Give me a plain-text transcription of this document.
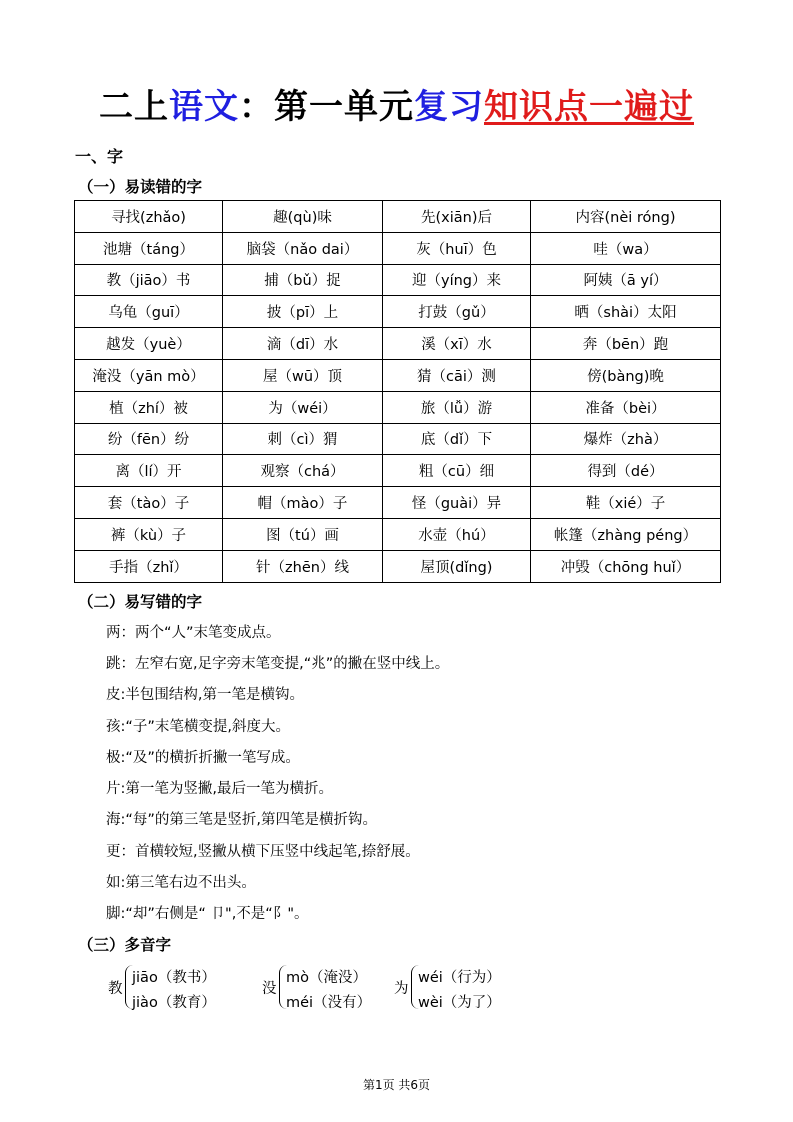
二上语文：第一单元复习知识点一遍过
一、字
（一）易读错的字
寻找(zhǎo)	趣(qù)味	先(xiān)后	内容(nèi róng)
池塘（táng）	脑袋（nǎo dai）	灰（huī）色	哇（wa）
教（jiāo）书	捕（bǔ）捉	迎（yíng）来	阿姨（ā yí）
乌龟（guī）	披（pī）上	打鼓（gǔ）	晒（shài）太阳
越发（yuè）	滴（dī）水	溪（xī）水	奔（bēn）跑
淹没（yān mò）	屋（wū）顶	猜（cāi）测	傍(bàng)晚
植（zhí）被	为（wéi）	旅（lǚ）游	准备（bèi）
纷（fēn）纷	刺（cì）猬	底（dǐ）下	爆炸（zhà）
离（lí）开	观察（chá）	粗（cū）细	得到（dé）
套（tào）子	帽（mào）子	怪（guài）异	鞋（xié）子
裤（kù）子	图（tú）画	水壶（hú）	帐篷（zhàng péng）
手指（zhǐ）	针（zhēn）线	屋顶(dǐng)	冲毁（chōng huǐ）
（二）易写错的字
两：两个“人”末笔变成点。
跳：左窄右宽,足字旁末笔变提,“兆”的撇在竖中线上。
皮:半包围结构,第一笔是横钩。
孩:“子”末笔横变提,斜度大。
极:“及”的横折折撇一笔写成。
片:第一笔为竖撇,最后一笔为横折。
海:“每”的第三笔是竖折,第四笔是横折钩。
更：首横较短,竖撇从横下压竖中线起笔,捺舒展。
如:第三笔右边不出头。
脚:“却”右侧是“ 卩",不是“阝"。
（三）多音字
教
jiāo（教书）
jiào（教育）
没
mò（淹没）
méi（没有）
为
wéi（行为）
wèi（为了）
第1页 共6页
